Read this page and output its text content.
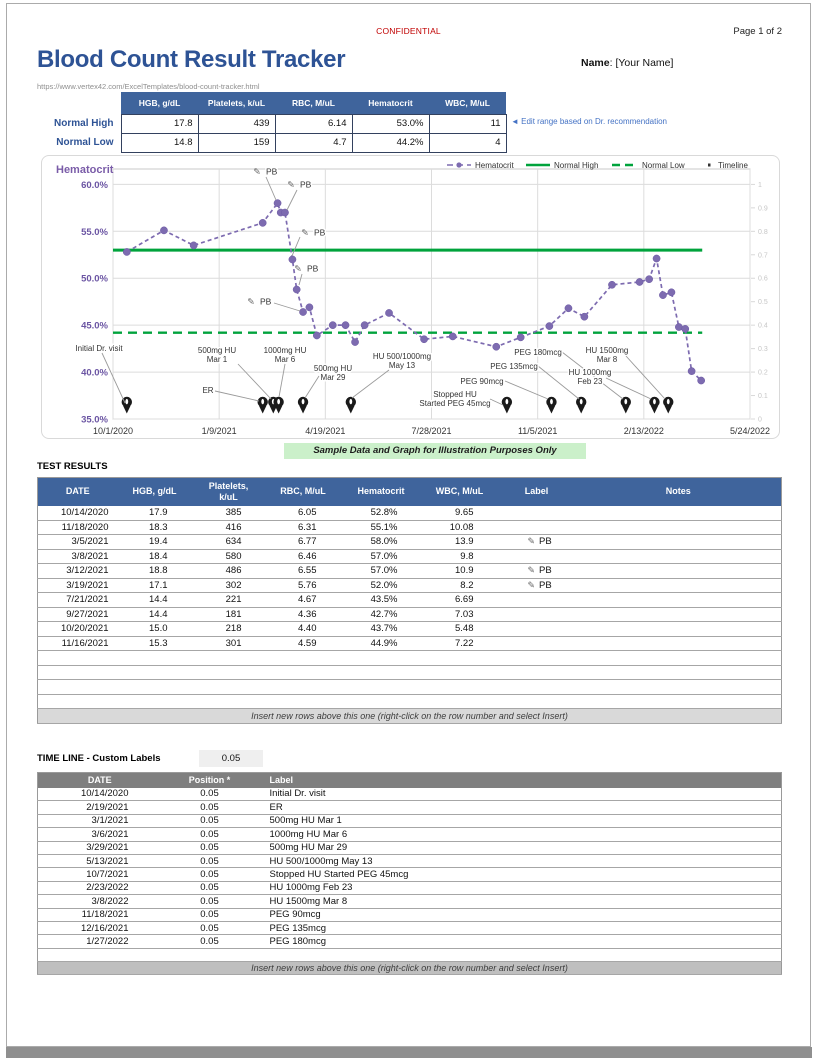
CONFIDENTIAL	Page 1 of 2
Blood Count Result Tracker
https://www.vertex42.com/ExcelTemplates/blood-count-tracker.html
Name: [Your Name]
	HGB, g/dL	Platelets, k/uL	RBC, M/uL	Hematocrit	WBC, M/uL
Normal High	17.8	439	6.14	53.0%	11
Normal Low	14.8	159	4.7	44.2%	4
◄ Edit range based on Dr. recommendation
35.0%
40.0%
45.0%
50.0%
55.0%
60.0%
10/1/2020	1/9/2021	4/19/2021	7/28/2021	11/5/2021	2/13/2022	5/24/2022
0
0.1
0.2
0.3
0.4
0.5
0.6
0.7
0.8
0.9
1
Initial Dr. visit
ER
500mg HU
Mar 1
1000mg HU
Mar 6
500mg HU
Mar 29
HU 500/1000mg
May 13
Stopped HU
Started PEG 45mcg
PEG 90mcg
PEG 135mcg
PEG 180mcg
HU 1000mg
Feb 23
HU 1500mg
Mar 8
✎ PB
✎ PB
✎ PB
✎ PB
✎ PB
Hematocrit	Hematocrit	Normal High	Normal Low	Timeline
Sample Data and Graph for Illustration Purposes Only
TEST RESULTS
DATE	HGB, g/dL	Platelets,
k/uL	RBC, M/uL	Hematocrit	WBC, M/uL	Label	Notes
10/14/2020	17.9	385	6.05	52.8%	9.65		
11/18/2020	18.3	416	6.31	55.1%	10.08		
3/5/2021	19.4	634	6.77	58.0%	13.9	✎ PB	
3/8/2021	18.4	580	6.46	57.0%	9.8		
3/12/2021	18.8	486	6.55	57.0%	10.9	✎ PB	
3/19/2021	17.1	302	5.76	52.0%	8.2	✎ PB	
7/21/2021	14.4	221	4.67	43.5%	6.69		
9/27/2021	14.4	181	4.36	42.7%	7.03		
10/20/2021	15.0	218	4.40	43.7%	5.48		
11/16/2021	15.3	301	4.59	44.9%	7.22		

Insert new rows above this one (right-click on the row number and select Insert)							
TIME LINE - Custom Labels	0.05
DATE	Position *	Label
10/14/2020	0.05	Initial Dr. visit
2/19/2021	0.05	ER
3/1/2021	0.05	500mg HU Mar 1
3/6/2021	0.05	1000mg HU Mar 6
3/29/2021	0.05	500mg HU Mar 29
5/13/2021	0.05	HU 500/1000mg May 13
10/7/2021	0.05	Stopped HU Started PEG 45mcg
2/23/2022	0.05	HU 1000mg Feb 23
3/8/2022	0.05	HU 1500mg Mar 8
11/18/2021	0.05	PEG 90mcg
12/16/2021	0.05	PEG 135mcg
1/27/2022	0.05	PEG 180mcg

Insert new rows above this one (right-click on the row number and select Insert)		
